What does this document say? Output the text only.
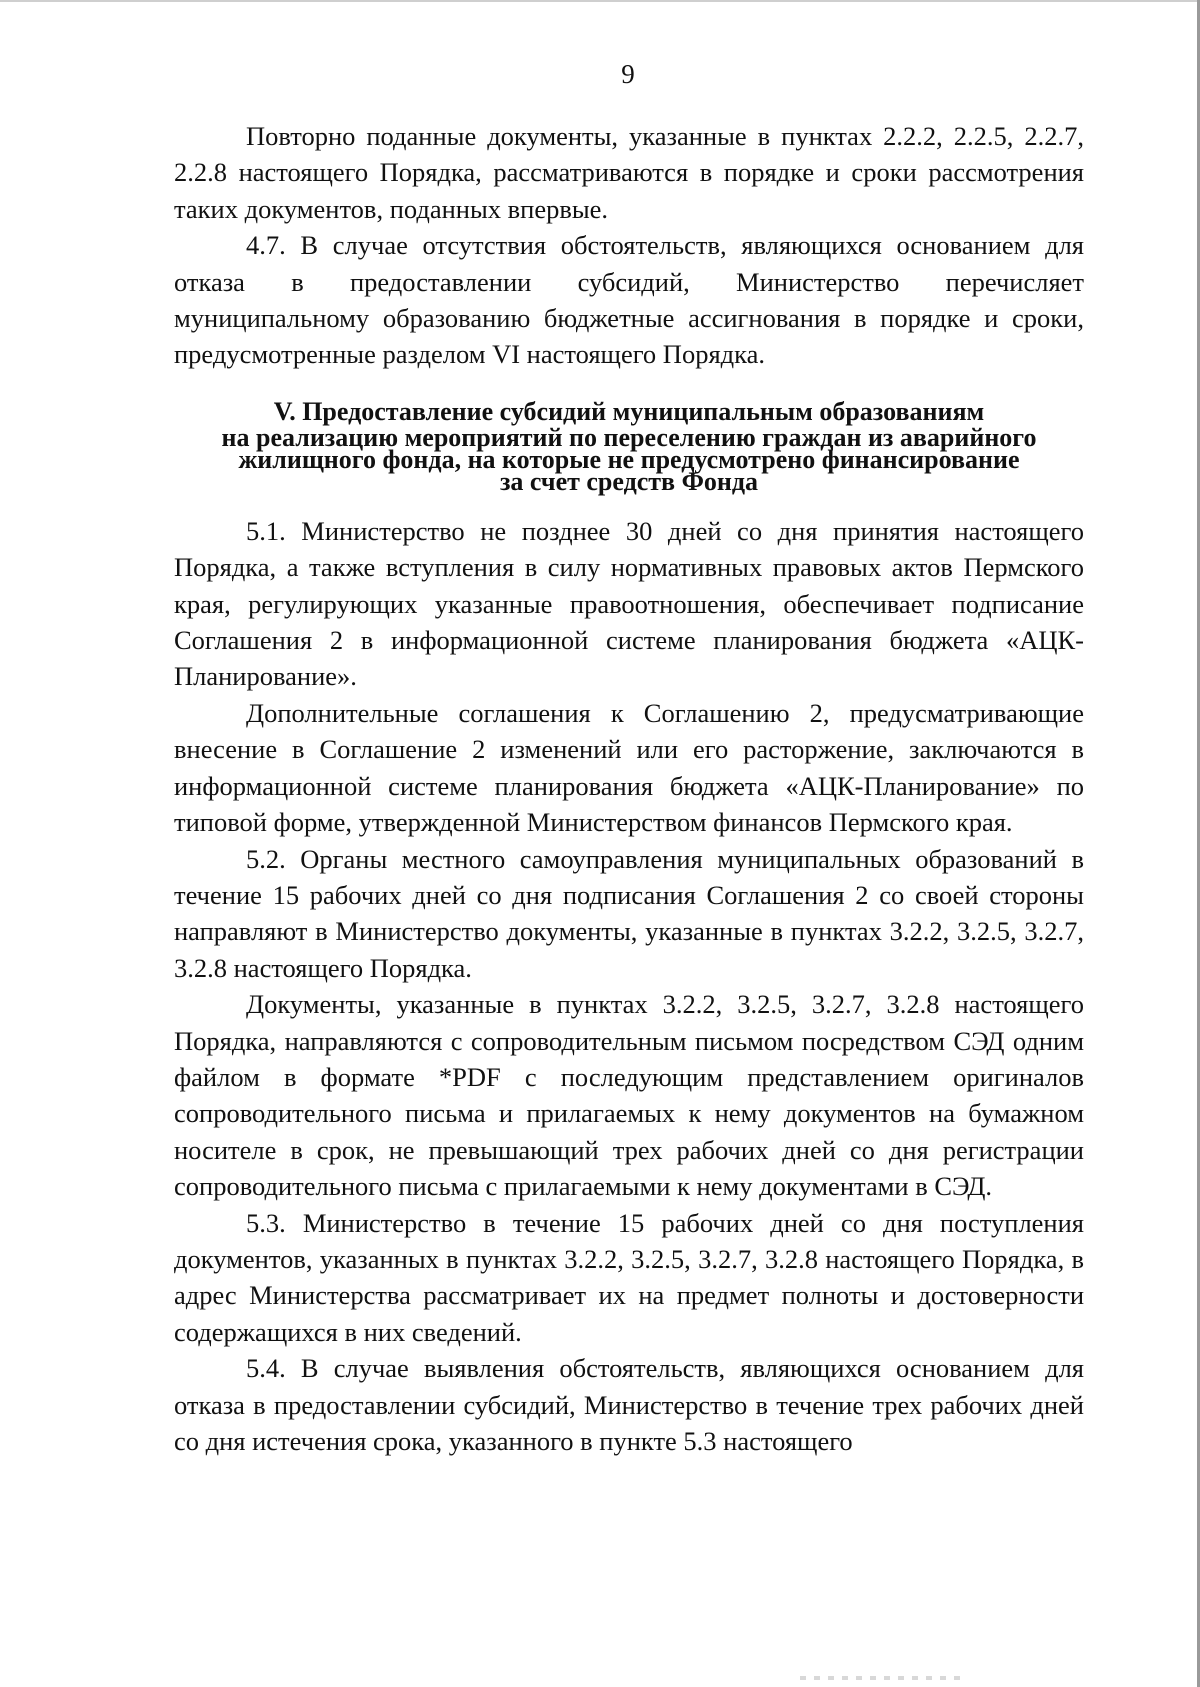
9

Повторно поданные документы, указанные в пунктах 2.2.2, 2.2.5, 2.2.7, 2.2.8 настоящего Порядка, рассматриваются в порядке и сроки рассмотрения таких документов, поданных впервые.

4.7. В случае отсутствия обстоятельств, являющихся основанием для отказа в предоставлении субсидий, Министерство перечисляет муниципальному образованию бюджетные ассигнования в порядке и сроки, предусмотренные разделом VI настоящего Порядка.

V. Предоставление субсидий муниципальным образованиям
на реализацию мероприятий по переселению граждан из аварийного
жилищного фонда, на которые не предусмотрено финансирование
за счет средств Фонда

5.1. Министерство не позднее 30 дней со дня принятия настоящего Порядка, а также вступления в силу нормативных правовых актов Пермского края, регулирующих указанные правоотношения, обеспечивает подписание Соглашения 2 в информационной системе планирования бюджета «АЦК-Планирование».

Дополнительные соглашения к Соглашению 2, предусматривающие внесение в Соглашение 2 изменений или его расторжение, заключаются в информационной системе планирования бюджета «АЦК-Планирование» по типовой форме, утвержденной Министерством финансов Пермского края.

5.2. Органы местного самоуправления муниципальных образований в течение 15 рабочих дней со дня подписания Соглашения 2 со своей стороны направляют в Министерство документы, указанные в пунктах 3.2.2, 3.2.5, 3.2.7, 3.2.8 настоящего Порядка.

Документы, указанные в пунктах 3.2.2, 3.2.5, 3.2.7, 3.2.8 настоящего Порядка, направляются с сопроводительным письмом посредством СЭД одним файлом в формате *PDF с последующим представлением оригиналов сопроводительного письма и прилагаемых к нему документов на бумажном носителе в срок, не превышающий трех рабочих дней со дня регистрации сопроводительного письма с прилагаемыми к нему документами в СЭД.

5.3. Министерство в течение 15 рабочих дней со дня поступления документов, указанных в пунктах 3.2.2, 3.2.5, 3.2.7, 3.2.8 настоящего Порядка, в адрес Министерства рассматривает их на предмет полноты и достоверности содержащихся в них сведений.

5.4. В случае выявления обстоятельств, являющихся основанием для отказа в предоставлении субсидий, Министерство в течение трех рабочих дней со дня истечения срока, указанного в пункте 5.3 настоящего
